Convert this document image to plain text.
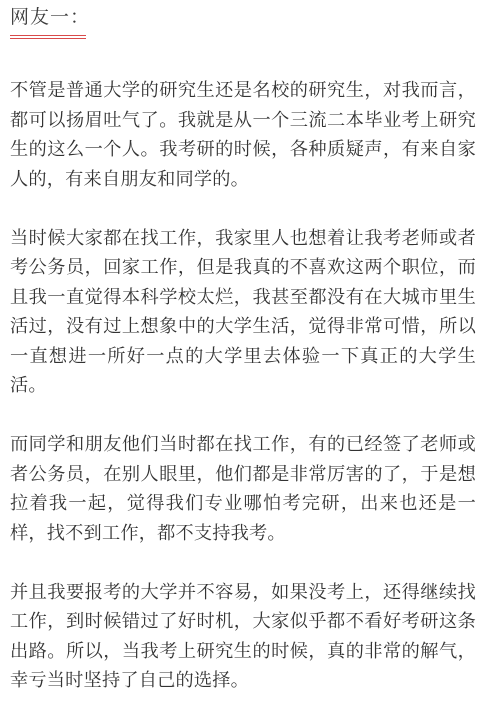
网友一：

不管是普通大学的研究生还是名校的研究生，对我而言，都可以扬眉吐气了。我就是从一个三流二本毕业考上研究生的这么一个人。我考研的时候，各种质疑声，有来自家人的，有来自朋友和同学的。

当时候大家都在找工作，我家里人也想着让我考老师或者考公务员，回家工作，但是我真的不喜欢这两个职位，而且我一直觉得本科学校太烂，我甚至都没有在大城市里生活过，没有过上想象中的大学生活，觉得非常可惜，所以一直想进一所好一点的大学里去体验一下真正的大学生活。

而同学和朋友他们当时都在找工作，有的已经签了老师或者公务员，在别人眼里，他们都是非常厉害的了，于是想拉着我一起，觉得我们专业哪怕考完研，出来也还是一样，找不到工作，都不支持我考。

并且我要报考的大学并不容易，如果没考上，还得继续找工作，到时候错过了好时机，大家似乎都不看好考研这条出路。所以，当我考上研究生的时候，真的非常的解气，幸亏当时坚持了自己的选择。
